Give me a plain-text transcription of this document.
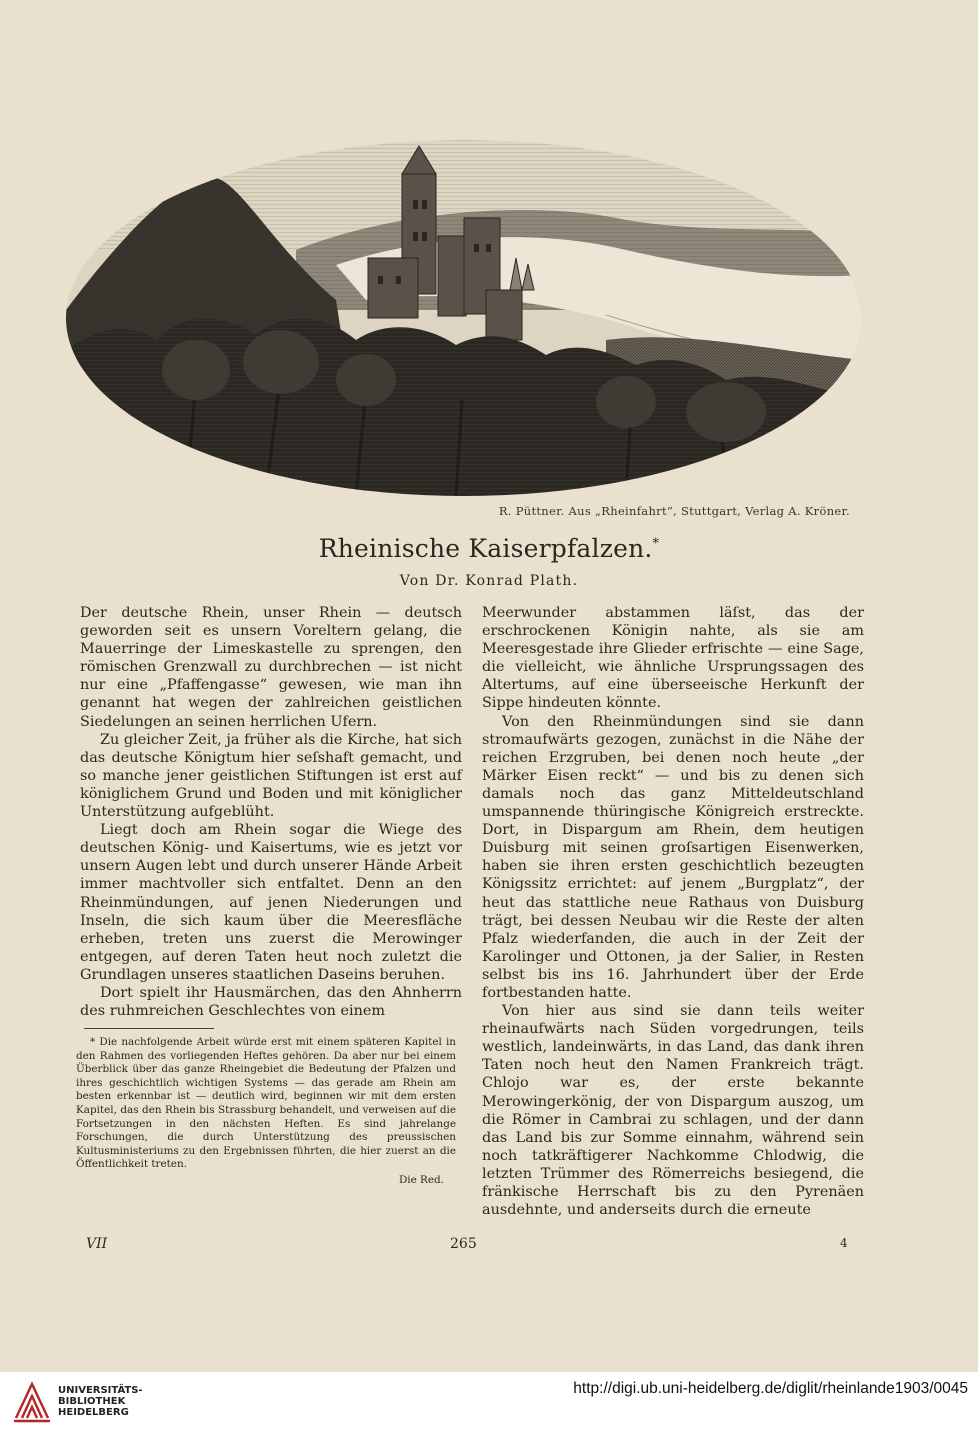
R. Püttner. Aus „Rheinfahrt“, Stuttgart, Verlag A. Kröner.
Rheinische Kaiserpfalzen.*
Von Dr. Konrad Plath.

Der deutsche Rhein, unser Rhein — deutsch geworden seit es unsern Voreltern gelang, die Mauerringe der Limeskastelle zu sprengen, den römischen Grenzwall zu durchbrechen — ist nicht nur eine „Pfaffengasse“ gewesen, wie man ihn genannt hat wegen der zahlreichen geistlichen Siedelungen an seinen herrlichen Ufern.

Zu gleicher Zeit, ja früher als die Kirche, hat sich das deutsche Königtum hier seſshaft gemacht, und so manche jener geistlichen Stiftungen ist erst auf königlichem Grund und Boden und mit königlicher Unterstützung aufgeblüht.

Liegt doch am Rhein sogar die Wiege des deutschen König- und Kaisertums, wie es jetzt vor unsern Augen lebt und durch unserer Hände Arbeit immer machtvoller sich entfaltet. Denn an den Rheinmündungen, auf jenen Niederungen und Inseln, die sich kaum über die Meeresfläche erheben, treten uns zuerst die Merowinger entgegen, auf deren Taten heut noch zuletzt die Grundlagen unseres staatlichen Daseins beruhen.

Dort spielt ihr Hausmärchen, das den Ahnherrn des ruhmreichen Geschlechtes von einem

Meerwunder abstammen läſst, das der erschrockenen Königin nahte, als sie am Meeresgestade ihre Glieder erfrischte — eine Sage, die vielleicht, wie ähnliche Ursprungssagen des Altertums, auf eine überseeische Herkunft der Sippe hindeuten könnte.

Von den Rheinmündungen sind sie dann stromaufwärts gezogen, zunächst in die Nähe der reichen Erzgruben, bei denen noch heute „der Märker Eisen reckt“ — und bis zu denen sich damals noch das ganz Mitteldeutschland umspannende thüringische Königreich erstreckte. Dort, in Dispargum am Rhein, dem heutigen Duisburg mit seinen groſsartigen Eisenwerken, haben sie ihren ersten geschichtlich bezeugten Königssitz errichtet: auf jenem „Burgplatz“, der heut das stattliche neue Rathaus von Duisburg trägt, bei dessen Neubau wir die Reste der alten Pfalz wiederfanden, die auch in der Zeit der Karolinger und Ottonen, ja der Salier, in Resten selbst bis ins 16. Jahrhundert über der Erde fortbestanden hatte.

Von hier aus sind sie dann teils weiter rheinaufwärts nach Süden vorgedrungen, teils westlich, landeinwärts, in das Land, das dank ihren Taten noch heut den Namen Frankreich trägt. Chlojo war es, der erste bekannte Merowingerkönig, der von Dispargum auszog, um die Römer in Cambrai zu schlagen, und der dann das Land bis zur Somme einnahm, während sein noch tatkräftigerer Nachkomme Chlodwig, die letzten Trümmer des Römerreichs besiegend, die fränkische Herrschaft bis zu den Pyrenäen ausdehnte, und anderseits durch die erneute

* Die nachfolgende Arbeit würde erst mit einem späteren Kapitel in den Rahmen des vorliegenden Heftes gehören. Da aber nur bei einem Überblick über das ganze Rheingebiet die Bedeutung der Pfalzen und ihres geschichtlich wichtigen Systems — das gerade am Rhein am besten erkennbar ist — deutlich wird, beginnen wir mit dem ersten Kapitel, das den Rhein bis Strassburg behandelt, und verweisen auf die Fortsetzungen in den nächsten Heften. Es sind jahrelange Forschungen, die durch Unterstützung des preussischen Kultusministeriums zu den Ergebnissen führten, die hier zuerst an die Öffentlichkeit treten.

Die Red.
VII	265	4
UNIVERSITÄTS-
BIBLIOTHEK
HEIDELBERG
http://digi.ub.uni-heidelberg.de/diglit/rheinlande1903/0045
